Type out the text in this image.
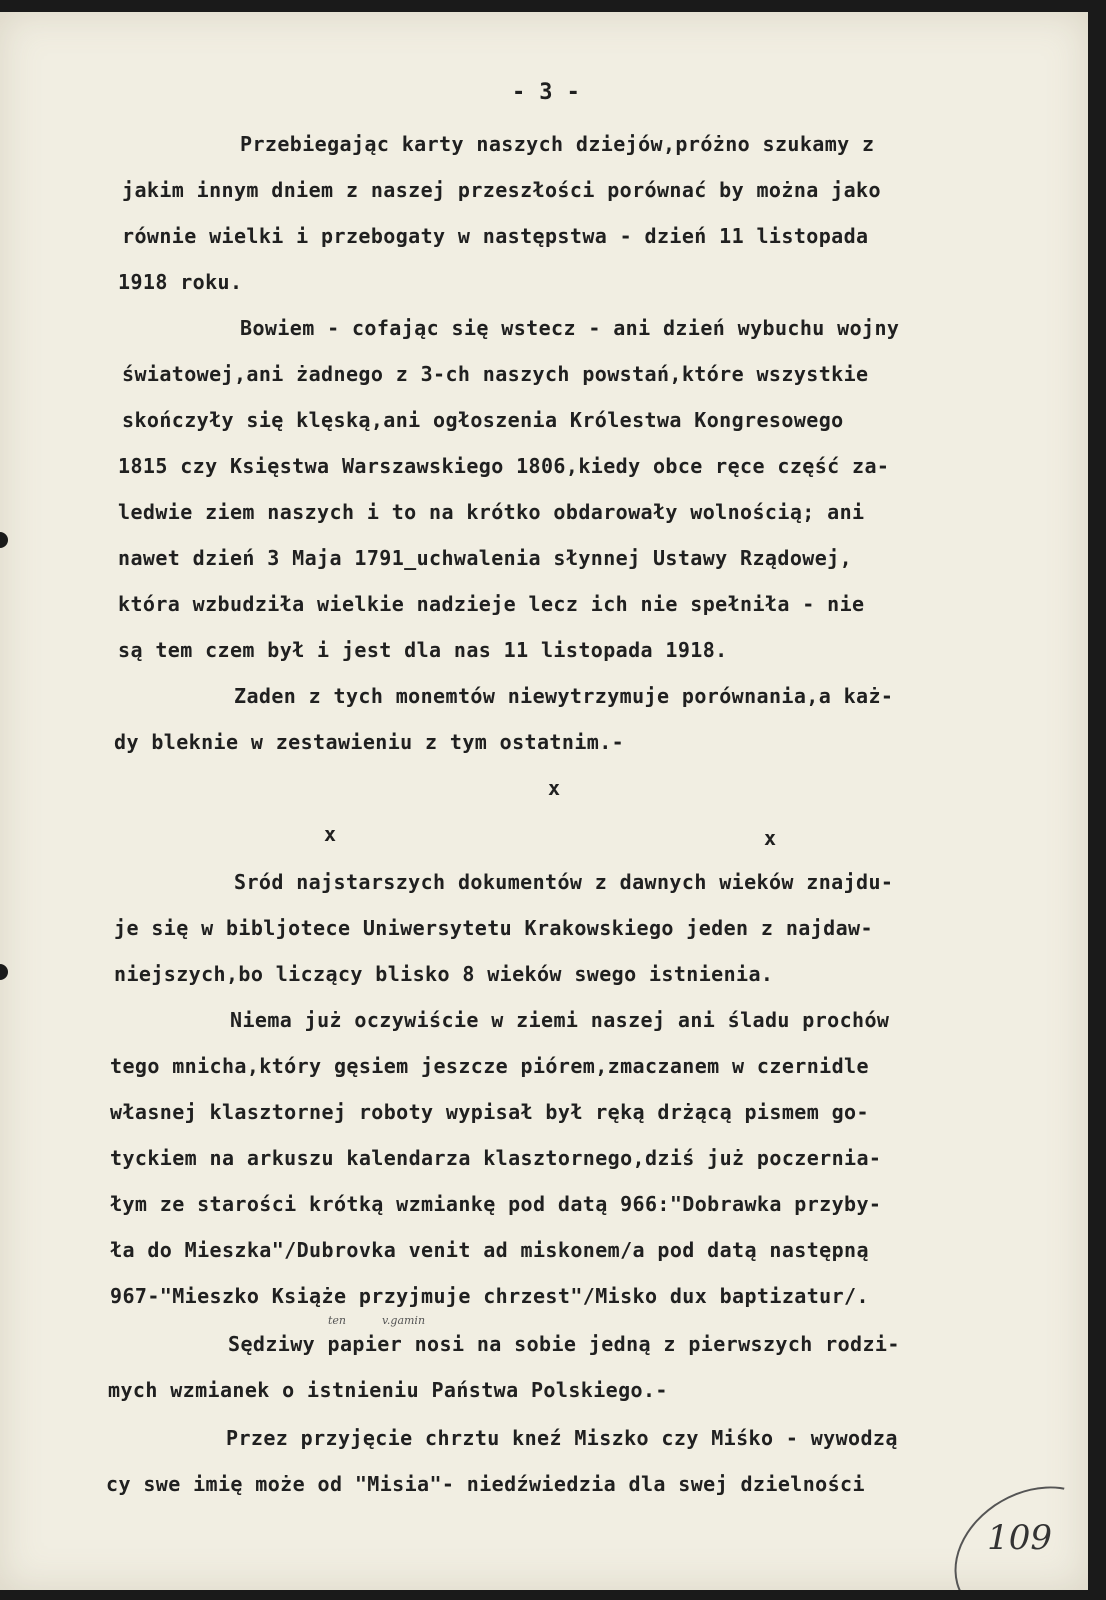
- 3 -
Przebiegając karty naszych dziejów,próżno szukamy z
jakim innym dniem z naszej przeszłości porównać by można jako
równie wielki i przebogaty w następstwa - dzień 11 listopada
1918 roku.
Bowiem - cofając się wstecz - ani dzień wybuchu wojny
światowej,ani żadnego z 3-ch naszych powstań,które wszystkie
skończyły się klęską,ani ogłoszenia Królestwa Kongresowego
1815 czy Księstwa Warszawskiego 1806,kiedy obce ręce część za-
ledwie ziem naszych i to na krótko obdarowały wolnością; ani
nawet dzień 3 Maja 1791_uchwalenia słynnej Ustawy Rządowej,
która wzbudziła wielkie nadzieje lecz ich nie spełniła - nie
są tem czem był i jest dla nas 11 listopada 1918.
Zaden z tych monemtów niewytrzymuje porównania,a każ-
dy bleknie w zestawieniu z tym ostatnim.-
x
x	x
Sród najstarszych dokumentów z dawnych wieków znajdu-
je się w bibljotece Uniwersytetu Krakowskiego jeden z najdaw-
niejszych,bo liczący blisko 8 wieków swego istnienia.
Niema już oczywiście w ziemi naszej ani śladu prochów
tego mnicha,który gęsiem jeszcze piórem,zmaczanem w czernidle
własnej klasztornej roboty wypisał był ręką drżącą pismem go-
tyckiem na arkuszu kalendarza klasztornego,dziś już poczernia-
łym ze starości krótką wzmiankę pod datą 966:"Dobrawka przyby-
ła do Mieszka"/Dubrovka venit ad miskonem/a pod datą następną
967-"Mieszko Książe przyjmuje chrzest"/Misko dux baptizatur/.
ten	v.gamin
Sędziwy papier nosi na sobie jedną z pierwszych rodzi-
mych wzmianek o istnieniu Państwa Polskiego.-
Przez przyjęcie chrztu kneź Miszko czy Miśko - wywodzą
cy swe imię może od "Misia"- niedźwiedzia dla swej dzielności
109
